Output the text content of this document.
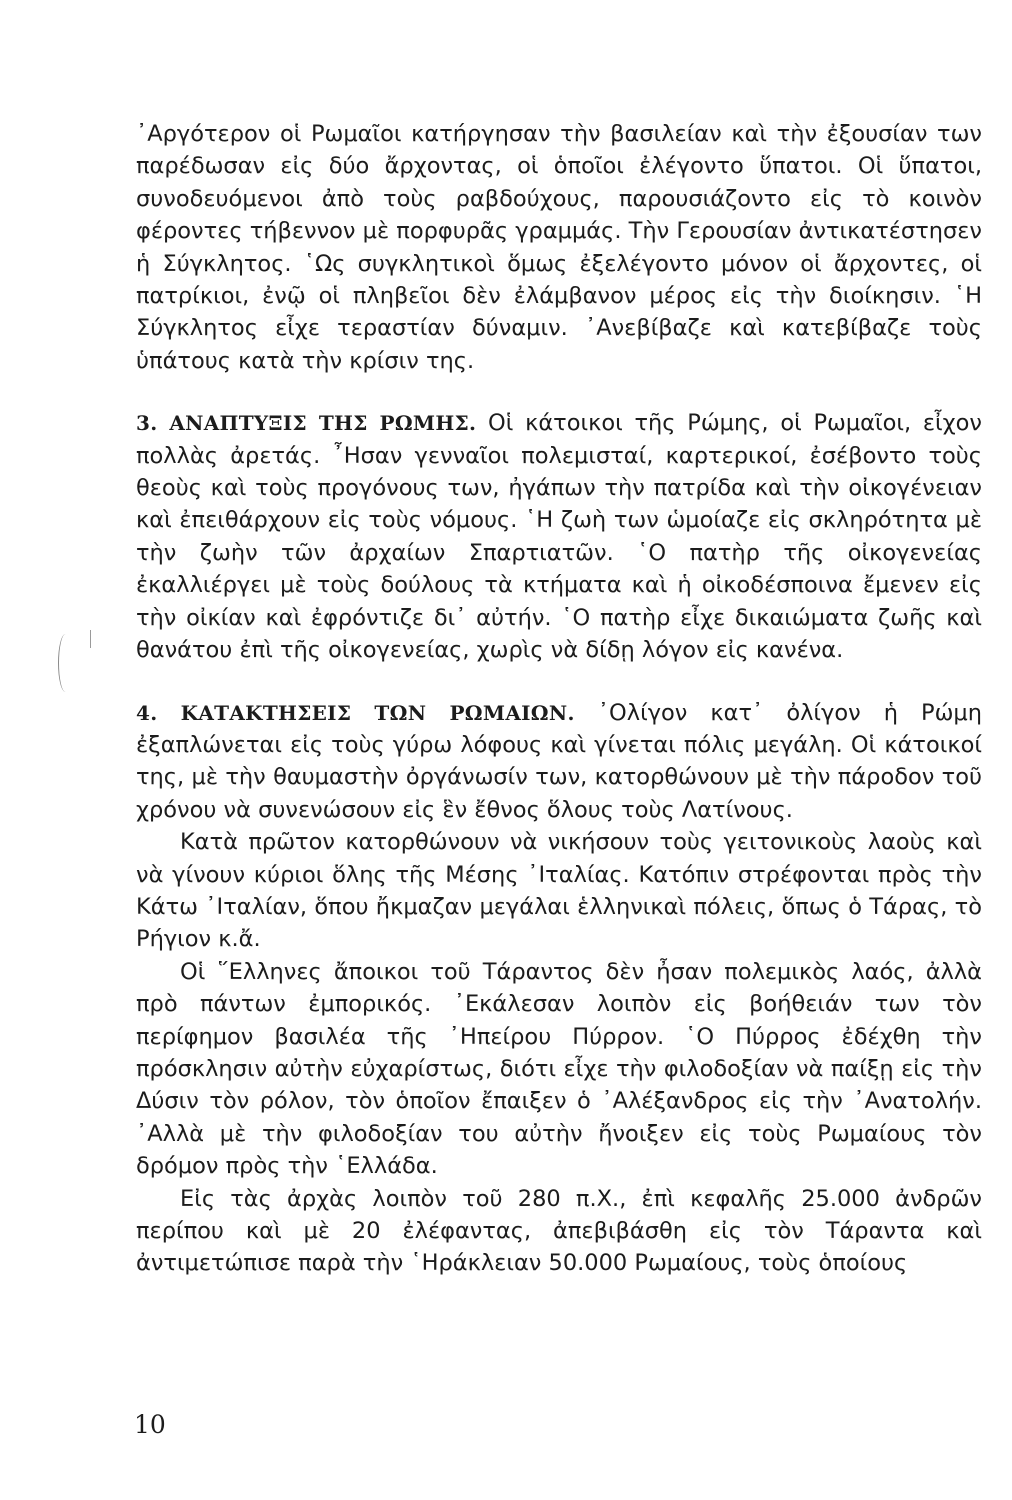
᾿Αργότερον οἱ Ρωμαῖοι κατήργησαν τὴν βασιλείαν καὶ τὴν ἐξουσίαν των παρέδωσαν εἰς δύο ἄρχοντας, οἱ ὁποῖοι ἐλέγοντο ὕπατοι. Οἱ ὕπατοι, συνοδευόμενοι ἀπὸ τοὺς ραβδούχους, παρουσιάζοντο εἰς τὸ κοινὸν φέροντες τήβεννον μὲ πορφυρᾶς γραμμάς. Τὴν Γερουσίαν ἀντικατέστησεν ἡ Σύγκλητος. ῾Ως συγκλητικοὶ ὅμως ἐξελέγοντο μόνον οἱ ἄρχοντες, οἱ πατρίκιοι, ἐνῷ οἱ πληβεῖοι δὲν ἐλάμβανον μέρος εἰς τὴν διοίκησιν. ῾Η Σύγκλητος εἶχε τεραστίαν δύναμιν. ᾿Ανεβίβαζε καὶ κατεβίβαζε τοὺς ὑπάτους κατὰ τὴν κρίσιν της.

3. ΑΝΑΠΤΥΞΙΣ ΤΗΣ ΡΩΜΗΣ. Οἱ κάτοικοι τῆς Ρώμης, οἱ Ρωμαῖοι, εἶχον πολλὰς ἀρετάς. ῏Ησαν γενναῖοι πολεμισταί, καρτερικοί, ἐσέβοντο τοὺς θεοὺς καὶ τοὺς προγόνους των, ἠγάπων τὴν πατρίδα καὶ τὴν οἰκογένειαν καὶ ἐπειθάρχουν εἰς τοὺς νόμους. ῾Η ζωὴ των ὡμοίαζε εἰς σκληρότητα μὲ τὴν ζωὴν τῶν ἀρχαίων Σπαρτιατῶν. ῾Ο πατὴρ τῆς οἰκογενείας ἐκαλλιέργει μὲ τοὺς δούλους τὰ κτήματα καὶ ἡ οἰκοδέσποινα ἔμενεν εἰς τὴν οἰκίαν καὶ ἐφρόντιζε δι᾿ αὐτήν. ῾Ο πατὴρ εἶχε δικαιώματα ζωῆς καὶ θανάτου ἐπὶ τῆς οἰκογενείας, χωρὶς νὰ δίδῃ λόγον εἰς κανένα.

4. ΚΑΤΑΚΤΗΣΕΙΣ ΤΩΝ ΡΩΜΑΙΩΝ. ᾿Ολίγον κατ᾿ ὀλίγον ἡ Ρώμη ἐξαπλώνεται εἰς τοὺς γύρω λόφους καὶ γίνεται πόλις μεγάλη. Οἱ κάτοικοί της, μὲ τὴν θαυμαστὴν ὀργάνωσίν των, κατορθώνουν μὲ τὴν πάροδον τοῦ χρόνου νὰ συνενώσουν εἰς ἓν ἔθνος ὅλους τοὺς Λατίνους.

Κατὰ πρῶτον κατορθώνουν νὰ νικήσουν τοὺς γειτονικοὺς λαοὺς καὶ νὰ γίνουν κύριοι ὅλης τῆς Μέσης ᾿Ιταλίας. Κατόπιν στρέφονται πρὸς τὴν Κάτω ᾿Ιταλίαν, ὅπου ἤκμαζαν μεγάλαι ἑλληνικαὶ πόλεις, ὅπως ὁ Τάρας, τὸ Ρήγιον κ.ἄ.

Οἱ ῞Ελληνες ἄποικοι τοῦ Τάραντος δὲν ἦσαν πολεμικὸς λαός, ἀλλὰ πρὸ πάντων ἐμπορικός. ᾿Εκάλεσαν λοιπὸν εἰς βοήθειάν των τὸν περίφημον βασιλέα τῆς ᾿Ηπείρου Πύρρον. ῾Ο Πύρρος ἐδέχθη τὴν πρόσκλησιν αὐτὴν εὐχαρίστως, διότι εἶχε τὴν φιλοδοξίαν νὰ παίξῃ εἰς τὴν Δύσιν τὸν ρόλον, τὸν ὁποῖον ἔπαιξεν ὁ ᾿Αλέξανδρος εἰς τὴν ᾿Ανατολήν. ᾿Αλλὰ μὲ τὴν φιλοδοξίαν του αὐτὴν ἤνοιξεν εἰς τοὺς Ρωμαίους τὸν δρόμον πρὸς τὴν ῾Ελλάδα.

Εἰς τὰς ἀρχὰς λοιπὸν τοῦ 280 π.Χ., ἐπὶ κεφαλῆς 25.000 ἀνδρῶν περίπου καὶ μὲ 20 ἐλέφαντας, ἀπεβιβάσθη εἰς τὸν Τάραντα καὶ ἀντιμετώπισε παρὰ τὴν ῾Ηράκλειαν 50.000 Ρωμαίους, τοὺς ὁποίους

10
